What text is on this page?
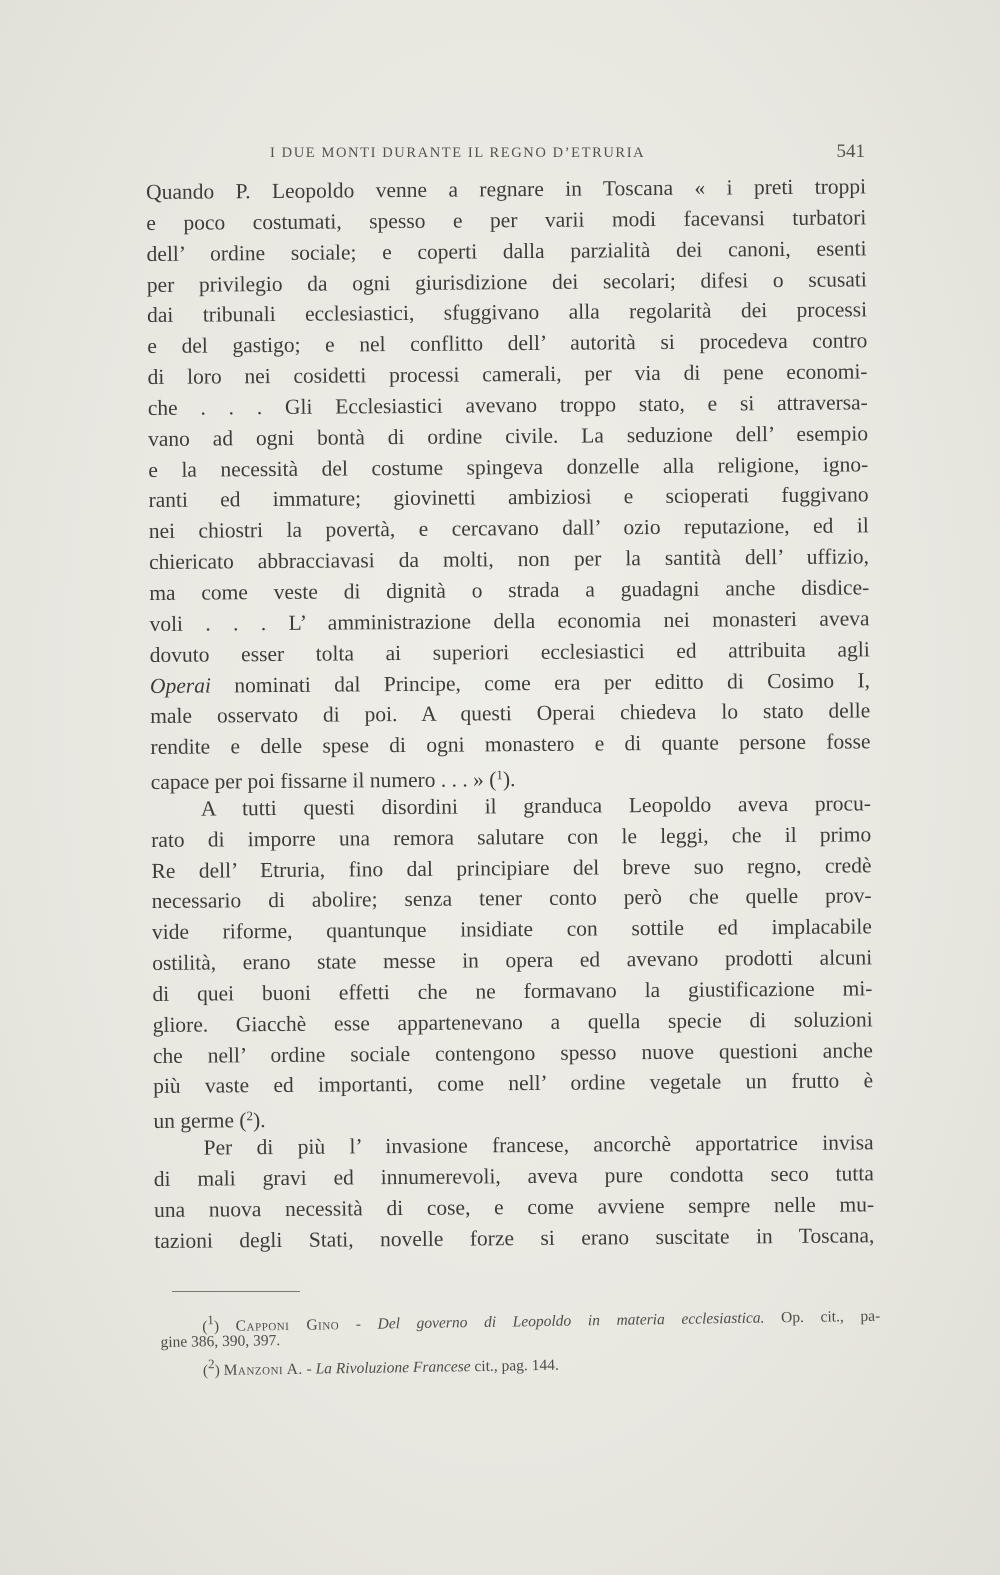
I DUE MONTI DURANTE IL REGNO D’ETRURIA	541
Quando P. Leopoldo venne a regnare in Toscana « i preti troppi
e poco costumati, spesso e per varii modi facevansi turbatori
dell’ ordine sociale; e coperti dalla parzialità dei canoni, esenti
per privilegio da ogni giurisdizione dei secolari; difesi o scusati
dai tribunali ecclesiastici, sfuggivano alla regolarità dei processi
e del gastigo; e nel conflitto dell’ autorità si procedeva contro
di loro nei cosidetti processi camerali, per via di pene economi-
che . . . Gli Ecclesiastici avevano troppo stato, e si attraversa-
vano ad ogni bontà di ordine civile. La seduzione dell’ esempio
e la necessità del costume spingeva donzelle alla religione, igno-
ranti ed immature; giovinetti ambiziosi e scioperati fuggivano
nei chiostri la povertà, e cercavano dall’ ozio reputazione, ed il
chiericato abbracciavasi da molti, non per la santità dell’ uffizio,
ma come veste di dignità o strada a guadagni anche disdice-
voli . . . L’ amministrazione della economia nei monasteri aveva
dovuto esser tolta ai superiori ecclesiastici ed attribuita agli
Operai nominati dal Principe, come era per editto di Cosimo I,
male osservato di poi. A questi Operai chiedeva lo stato delle
rendite e delle spese di ogni monastero e di quante persone fosse
capace per poi fissarne il numero . . . » ($^1$).
A tutti questi disordini il granduca Leopoldo aveva procu-
rato di imporre una remora salutare con le leggi, che il primo
Re dell’ Etruria, fino dal principiare del breve suo regno, credè
necessario di abolire; senza tener conto però che quelle prov-
vide riforme, quantunque insidiate con sottile ed implacabile
ostilità, erano state messe in opera ed avevano prodotti alcuni
di quei buoni effetti che ne formavano la giustificazione mi-
gliore. Giacchè esse appartenevano a quella specie di soluzioni
che nell’ ordine sociale contengono spesso nuove questioni anche
più vaste ed importanti, come nell’ ordine vegetale un frutto è
un germe ($^2$).
Per di più l’ invasione francese, ancorchè apportatrice invisa
di mali gravi ed innumerevoli, aveva pure condotta seco tutta
una nuova necessità di cose, e come avviene sempre nelle mu-
tazioni degli Stati, novelle forze si erano suscitate in Toscana,
($^1$) Capponi Gino - Del governo di Leopoldo in materia ecclesiastica. Op. cit., pa-
gine 386, 390, 397.
($^2$) Manzoni A. - La Rivoluzione Francese cit., pag. 144.
